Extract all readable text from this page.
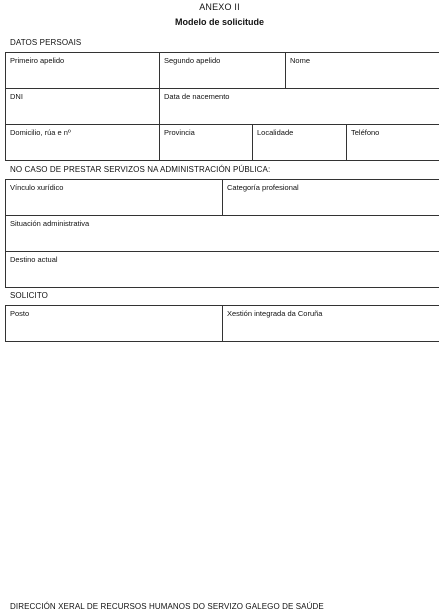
ANEXO II
Modelo de solicitude
DATOS PERSOAIS
Primeiro apelido	Segundo apelido		Nome	
DNI	Data de nacemento			
Domicilio, rúa e nº	Provincia	Localidade		Teléfono
NO CASO DE PRESTAR SERVIZOS NA ADMINISTRACIÓN PÚBLICA:
Vínculo xurídico	Categoría profesional
Situación administrativa
Destino actual
SOLICITO
Posto	Xestión integrada da Coruña
DIRECCIÓN XERAL DE RECURSOS HUMANOS DO SERVIZO GALEGO DE SAÚDE
